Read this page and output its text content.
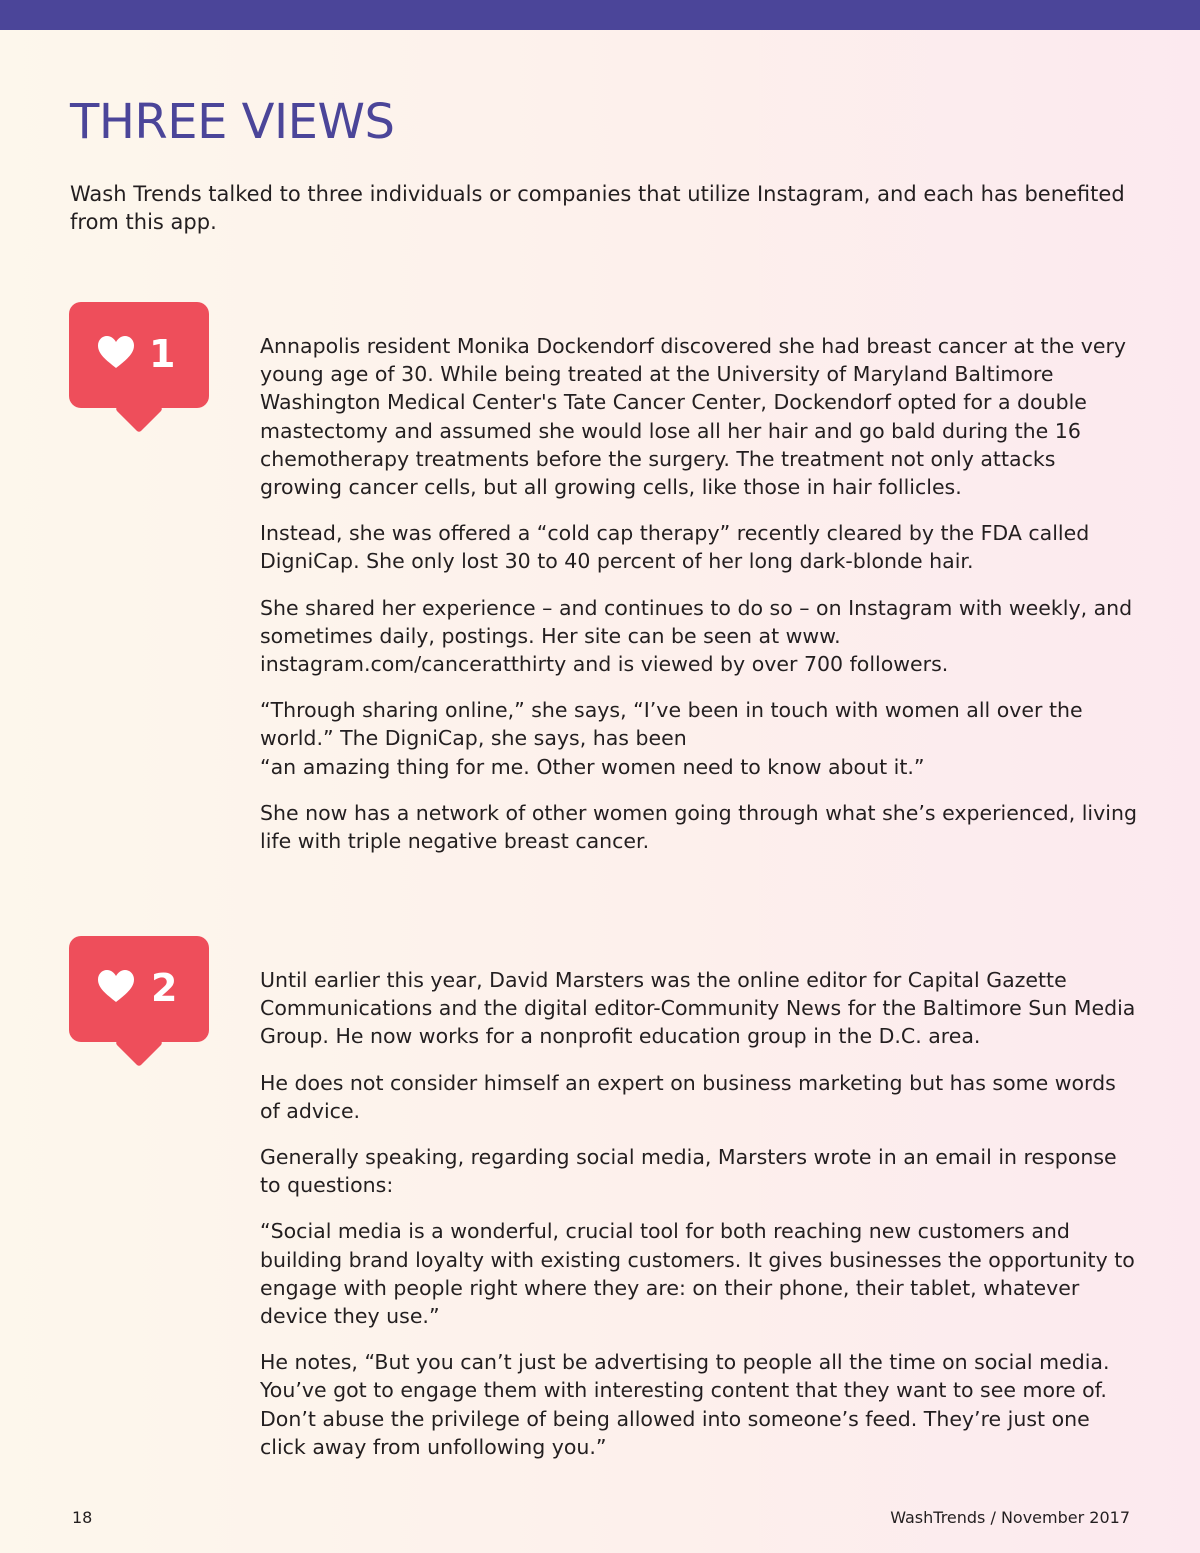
THREE VIEWS

Wash Trends talked to three individuals or companies that utilize Instagram, and each has benefited from this app.

1	Annapolis resident Monika Dockendorf discovered she had breast cancer at the very young age of 30. While being treated at the University of Maryland Baltimore Washington Medical Center's Tate Cancer Center, Dockendorf opted for a double mastectomy and assumed she would lose all her hair and go bald during the 16 chemotherapy treatments before the surgery. The treatment not only attacks growing cancer cells, but all growing cells, like those in hair follicles.

Instead, she was offered a “cold cap therapy” recently cleared by the FDA called DigniCap. She only lost 30 to 40 percent of her long dark-blonde hair.

She shared her experience – and continues to do so – on Instagram with weekly, and sometimes daily, postings. Her site can be seen at www. instagram.com/canceratthirty and is viewed by over 700 followers.

“Through sharing online,” she says, “I’ve been in touch with women all over the world.” The DigniCap, she says, has been
“an amazing thing for me. Other women need to know about it.”

She now has a network of other women going through what she’s experienced, living life with triple negative breast cancer.

2	Until earlier this year, David Marsters was the online editor for Capital Gazette Communications and the digital editor-Community News for the Baltimore Sun Media Group. He now works for a nonprofit education group in the D.C. area.

He does not consider himself an expert on business marketing but has some words of advice.

Generally speaking, regarding social media, Marsters wrote in an email in response to questions:

“Social media is a wonderful, crucial tool for both reaching new customers and building brand loyalty with existing customers. It gives businesses the opportunity to engage with people right where they are: on their phone, their tablet, whatever device they use.”

He notes, “But you can’t just be advertising to people all the time on social media. You’ve got to engage them with interesting content that they want to see more of. Don’t abuse the privilege of being allowed into someone’s feed. They’re just one click away from unfollowing you.”

18	WashTrends / November 2017
